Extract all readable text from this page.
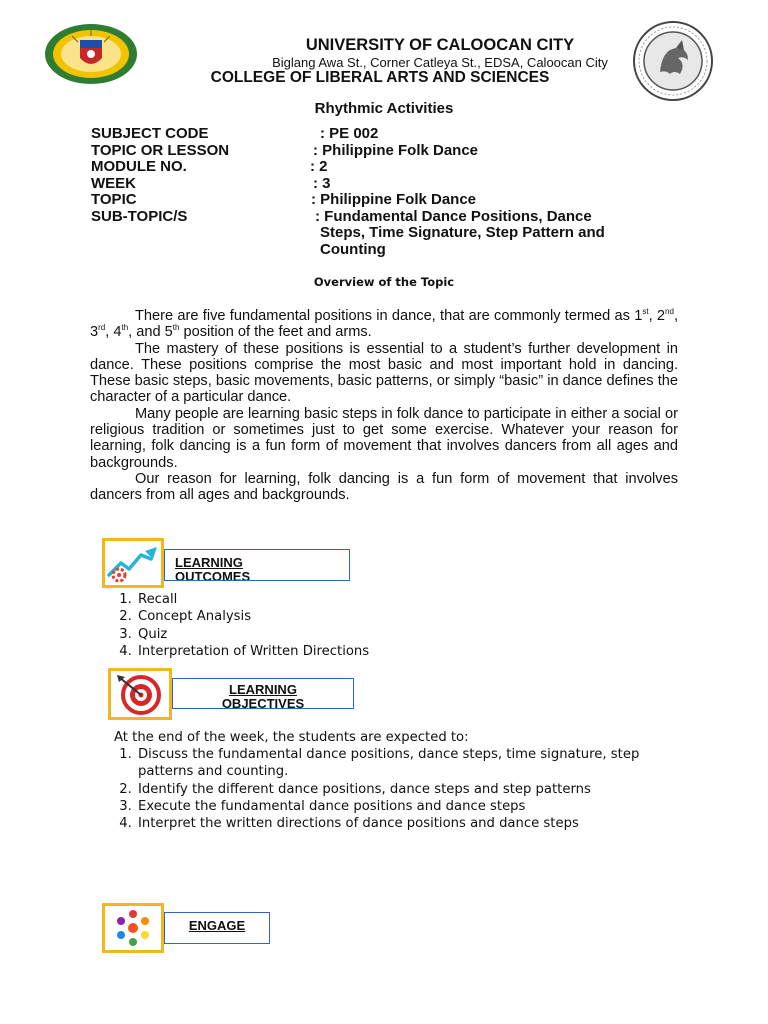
UNIVERSITY OF CALOOCAN CITY
Biglang Awa St., Corner Catleya St., EDSA, Caloocan City
COLLEGE OF LIBERAL ARTS AND SCIENCES
Rhythmic Activities
SUBJECT CODE	: PE 002
TOPIC OR LESSON	: Philippine Folk Dance
MODULE NO.	: 2
WEEK	: 3
TOPIC	: Philippine Folk Dance
SUB-TOPIC/S	: Fundamental Dance Positions, Dance
Steps, Time Signature, Step Pattern and
Counting
Overview of the Topic

There are five fundamental positions in dance, that are commonly termed as 1st, 2nd, 3rd, 4th, and 5th position of the feet and arms.

The mastery of these positions is essential to a student’s further development in dance. These positions comprise the most basic and most important hold in dancing. These basic steps, basic movements, basic patterns, or simply “basic” in dance defines the character of a particular dance.

Many people are learning basic steps in folk dance to participate in either a social or religious tradition or sometimes just to get some exercise. Whatever your reason for learning, folk dancing is a fun form of movement that involves dancers from all ages and backgrounds.

Our reason for learning, folk dancing is a fun form of movement that involves dancers from all ages and backgrounds.

LEARNING
OUTCOMES
1. Recall
2. Concept Analysis
3. Quiz
4. Interpretation of Written Directions
LEARNING
OBJECTIVES
At the end of the week, the students are expected to:
1. Discuss the fundamental dance positions, dance steps, time signature, step patterns and counting.
2. Identify the different dance positions, dance steps and step patterns
3. Execute the fundamental dance positions and dance steps
4. Interpret the written directions of dance positions and dance steps
ENGAGE
